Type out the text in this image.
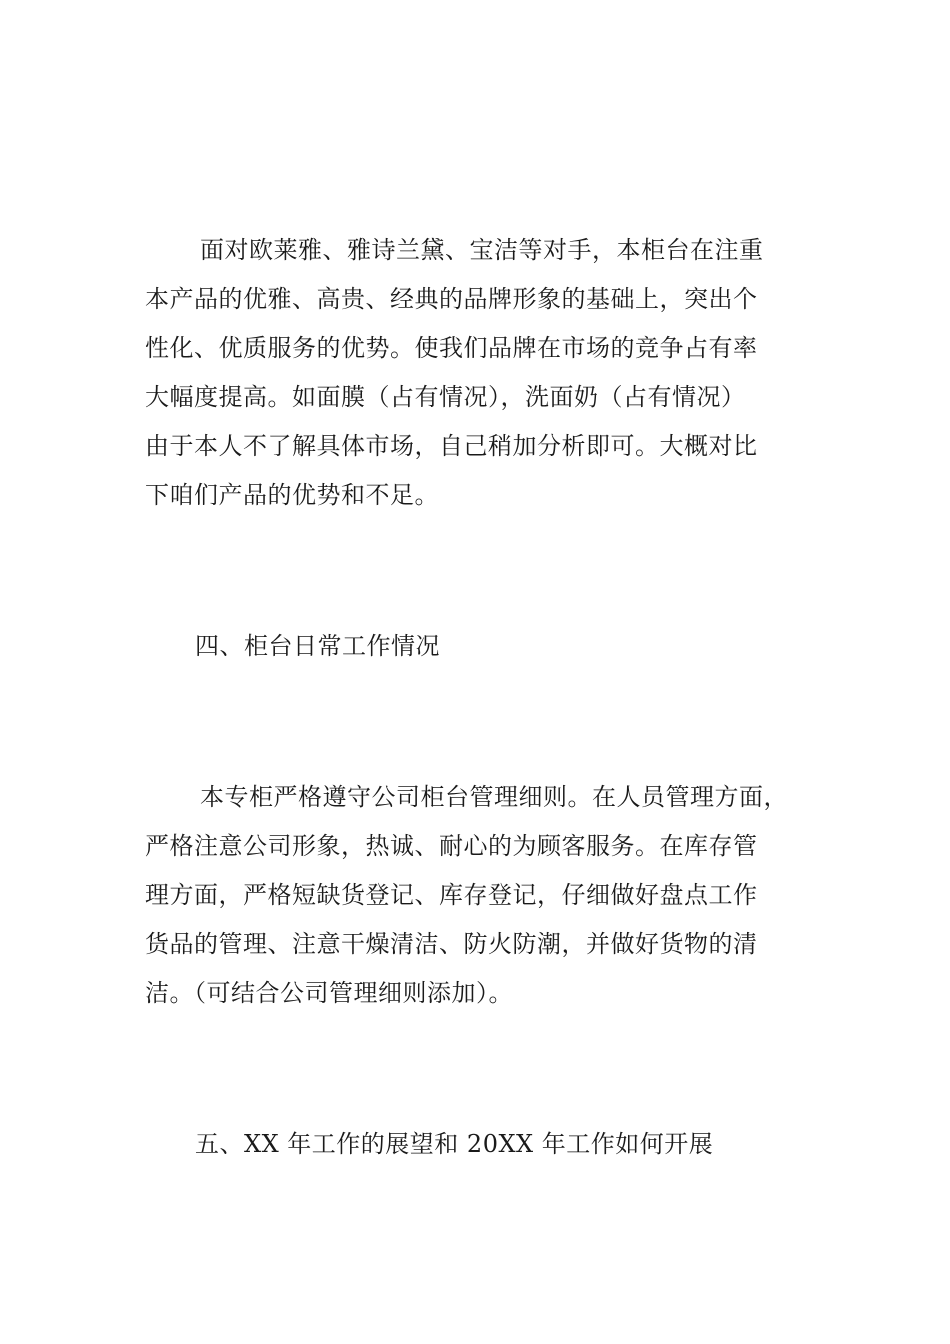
面对欧莱雅、雅诗兰黛、宝洁等对手，本柜台在注重
本产品的优雅、高贵、经典的品牌形象的基础上，突出个
性化、优质服务的优势。使我们品牌在市场的竞争占有率
大幅度提高。如面膜（占有情况），洗面奶（占有情况）
由于本人不了解具体市场，自己稍加分析即可。大概对比
下咱们产品的优势和不足。
四、柜台日常工作情况
本专柜严格遵守公司柜台管理细则。在人员管理方面，
严格注意公司形象，热诚、耐心的为顾客服务。在库存管
理方面，严格短缺货登记、库存登记，仔细做好盘点工作
货品的管理、注意干燥清洁、防火防潮，并做好货物的清
洁。（可结合公司管理细则添加）。
五、XX 年工作的展望和 20XX 年工作如何开展
